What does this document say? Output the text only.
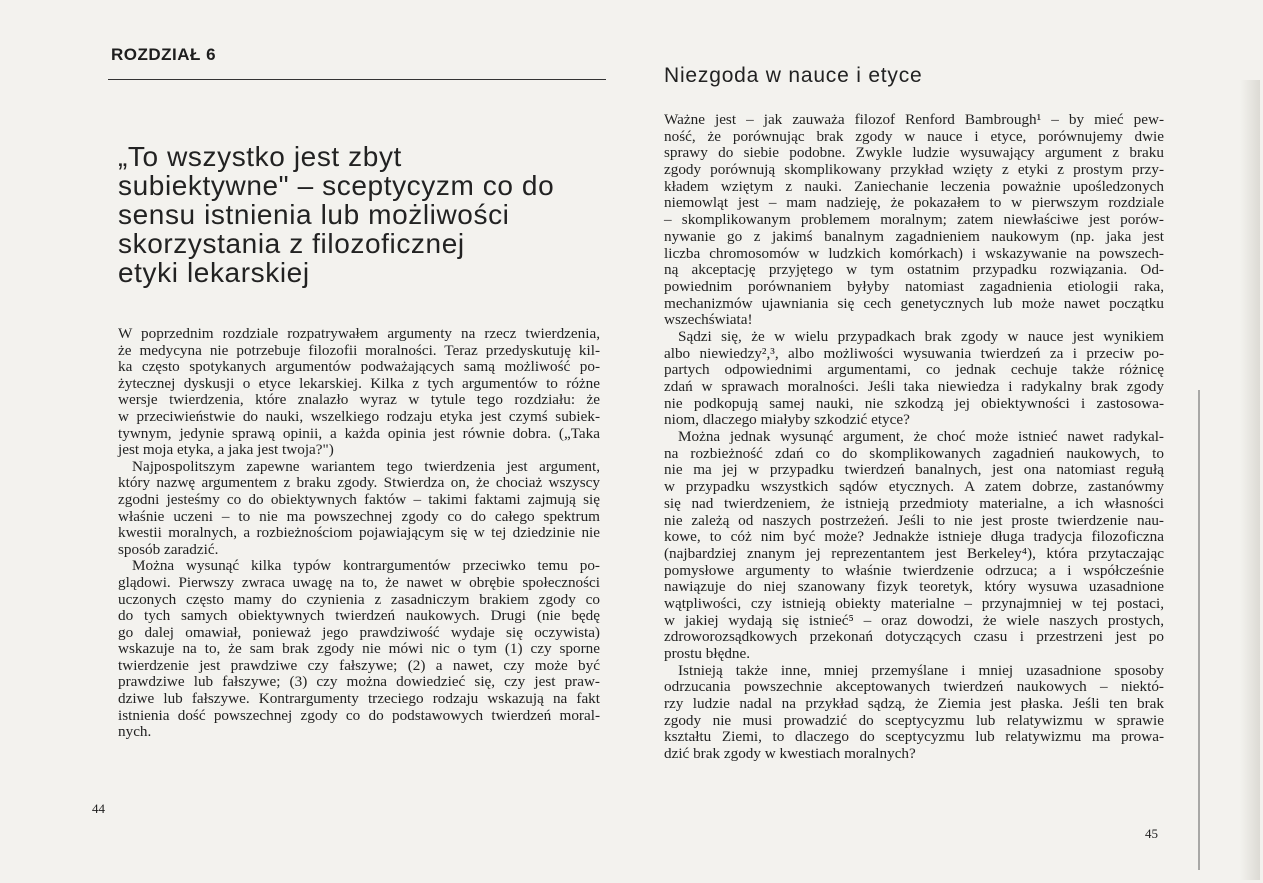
ROZDZIAŁ 6
„To wszystko jest zbyt
subiektywne" – sceptycyzm co do
sensu istnienia lub możliwości
skorzystania z filozoficznej
etyki lekarskiej
Niezgoda w nauce i etyce
W poprzednim rozdziale rozpatrywałem argumenty na rzecz twierdzenia,
że medycyna nie potrzebuje filozofii moralności. Teraz przedyskutuję kil-
ka często spotykanych argumentów podważających samą możliwość po-
żytecznej dyskusji o etyce lekarskiej. Kilka z tych argumentów to różne
wersje twierdzenia, które znalazło wyraz w tytule tego rozdziału: że
w przeciwieństwie do nauki, wszelkiego rodzaju etyka jest czymś subiek-
tywnym, jedynie sprawą opinii, a każda opinia jest równie dobra. („Taka
jest moja etyka, a jaka jest twoja?")
Najpospolitszym zapewne wariantem tego twierdzenia jest argument,
który nazwę argumentem z braku zgody. Stwierdza on, że chociaż wszyscy
zgodni jesteśmy co do obiektywnych faktów – takimi faktami zajmują się
właśnie uczeni – to nie ma powszechnej zgody co do całego spektrum
kwestii moralnych, a rozbieżnościom pojawiającym się w tej dziedzinie nie
sposób zaradzić.
Można wysunąć kilka typów kontrargumentów przeciwko temu po-
glądowi. Pierwszy zwraca uwagę na to, że nawet w obrębie społeczności
uczonych często mamy do czynienia z zasadniczym brakiem zgody co
do tych samych obiektywnych twierdzeń naukowych. Drugi (nie będę
go dalej omawiał, ponieważ jego prawdziwość wydaje się oczywista)
wskazuje na to, że sam brak zgody nie mówi nic o tym (1) czy sporne
twierdzenie jest prawdziwe czy fałszywe; (2) a nawet, czy może być
prawdziwe lub fałszywe; (3) czy można dowiedzieć się, czy jest praw-
dziwe lub fałszywe. Kontrargumenty trzeciego rodzaju wskazują na fakt
istnienia dość powszechnej zgody co do podstawowych twierdzeń moral-
nych.
Ważne jest – jak zauważa filozof Renford Bambrough¹ – by mieć pew-
ność, że porównując brak zgody w nauce i etyce, porównujemy dwie
sprawy do siebie podobne. Zwykle ludzie wysuwający argument z braku
zgody porównują skomplikowany przykład wzięty z etyki z prostym przy-
kładem wziętym z nauki. Zaniechanie leczenia poważnie upośledzonych
niemowląt jest – mam nadzieję, że pokazałem to w pierwszym rozdziale
– skomplikowanym problemem moralnym; zatem niewłaściwe jest porów-
nywanie go z jakimś banalnym zagadnieniem naukowym (np. jaka jest
liczba chromosomów w ludzkich komórkach) i wskazywanie na powszech-
ną akceptację przyjętego w tym ostatnim przypadku rozwiązania. Od-
powiednim porównaniem byłyby natomiast zagadnienia etiologii raka,
mechanizmów ujawniania się cech genetycznych lub może nawet początku
wszechświata!
Sądzi się, że w wielu przypadkach brak zgody w nauce jest wynikiem
albo niewiedzy²,³, albo możliwości wysuwania twierdzeń za i przeciw po-
partych odpowiednimi argumentami, co jednak cechuje także różnicę
zdań w sprawach moralności. Jeśli taka niewiedza i radykalny brak zgody
nie podkopują samej nauki, nie szkodzą jej obiektywności i zastosowa-
niom, dlaczego miałyby szkodzić etyce?
Można jednak wysunąć argument, że choć może istnieć nawet radykal-
na rozbieżność zdań co do skomplikowanych zagadnień naukowych, to
nie ma jej w przypadku twierdzeń banalnych, jest ona natomiast regułą
w przypadku wszystkich sądów etycznych. A zatem dobrze, zastanówmy
się nad twierdzeniem, że istnieją przedmioty materialne, a ich własności
nie zależą od naszych postrzeżeń. Jeśli to nie jest proste twierdzenie nau-
kowe, to cóż nim być może? Jednakże istnieje długa tradycja filozoficzna
(najbardziej znanym jej reprezentantem jest Berkeley⁴), która przytaczając
pomysłowe argumenty to właśnie twierdzenie odrzuca; a i współcześnie
nawiązuje do niej szanowany fizyk teoretyk, który wysuwa uzasadnione
wątpliwości, czy istnieją obiekty materialne – przynajmniej w tej postaci,
w jakiej wydają się istnieć⁵ – oraz dowodzi, że wiele naszych prostych,
zdroworozsądkowych przekonań dotyczących czasu i przestrzeni jest po
prostu błędne.
Istnieją także inne, mniej przemyślane i mniej uzasadnione sposoby
odrzucania powszechnie akceptowanych twierdzeń naukowych – niektó-
rzy ludzie nadal na przykład sądzą, że Ziemia jest płaska. Jeśli ten brak
zgody nie musi prowadzić do sceptycyzmu lub relatywizmu w sprawie
kształtu Ziemi, to dlaczego do sceptycyzmu lub relatywizmu ma prowa-
dzić brak zgody w kwestiach moralnych?
44
45
